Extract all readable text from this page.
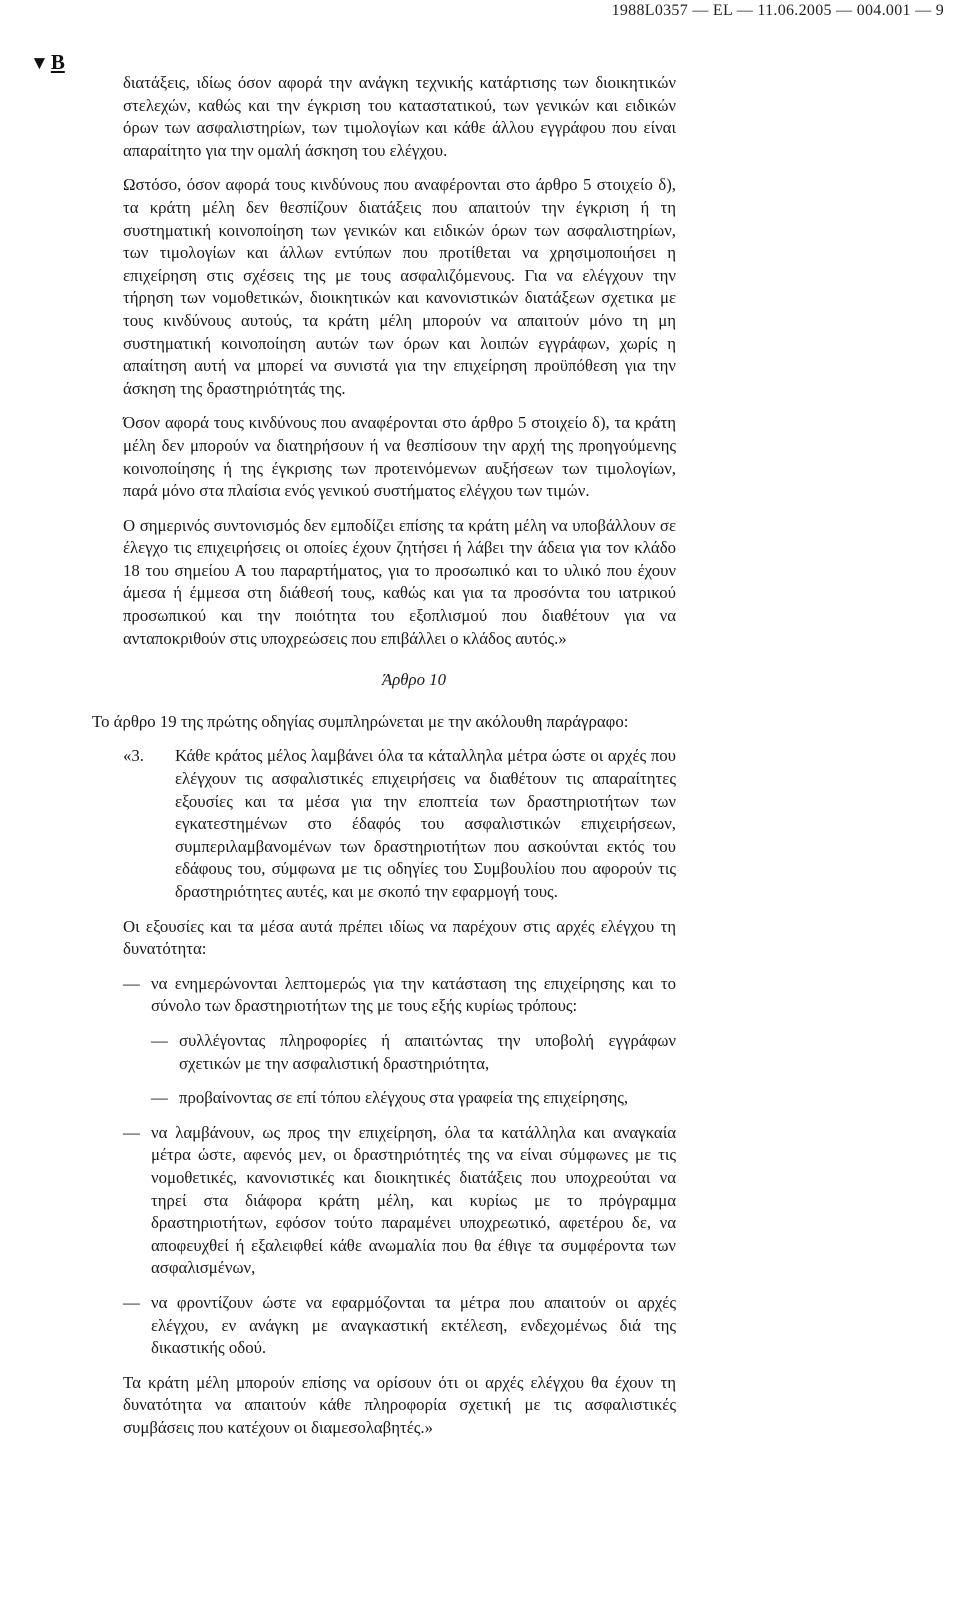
1988L0357 — EL — 11.06.2005 — 004.001 — 9
▼B

διατάξεις, ιδίως όσον αφορά την ανάγκη τεχνικής κατάρτισης των διοικητικών στελεχών, καθώς και την έγκριση του καταστατικού, των γενικών και ειδικών όρων των ασφαλιστηρίων, των τιμολογίων και κάθε άλλου εγγράφου που είναι απαραίτητο για την ομαλή άσκηση του ελέγχου.

Ωστόσο, όσον αφορά τους κινδύνους που αναφέρονται στο άρθρο 5 στοιχείο δ), τα κράτη μέλη δεν θεσπίζουν διατάξεις που απαιτούν την έγκριση ή τη συστηματική κοινοποίηση των γενικών και ειδικών όρων των ασφαλιστηρίων, των τιμολογίων και άλλων εντύπων που προτίθεται να χρησιμοποιήσει η επιχείρηση στις σχέσεις της με τους ασφαλιζόμενους. Για να ελέγχουν την τήρηση των νομοθετικών, διοικητικών και κανονιστικών διατάξεων σχετικα με τους κινδύνους αυτούς, τα κράτη μέλη μπορούν να απαιτούν μόνο τη μη συστηματική κοινοποίηση αυτών των όρων και λοιπών εγγράφων, χωρίς η απαίτηση αυτή να μπορεί να συνιστά για την επιχείρηση προϋπόθεση για την άσκηση της δραστηριότητάς της.

Όσον αφορά τους κινδύνους που αναφέρονται στο άρθρο 5 στοιχείο δ), τα κράτη μέλη δεν μπορούν να διατηρήσουν ή να θεσπίσουν την αρχή της προηγούμενης κοινοποίησης ή της έγκρισης των προτεινόμενων αυξήσεων των τιμολογίων, παρά μόνο στα πλαίσια ενός γενικού συστήματος ελέγχου των τιμών.

Ο σημερινός συντονισμός δεν εμποδίζει επίσης τα κράτη μέλη να υποβάλλουν σε έλεγχο τις επιχειρήσεις οι οποίες έχουν ζητήσει ή λάβει την άδεια για τον κλάδο 18 του σημείου Α του παραρτήματος, για το προσωπικό και το υλικό που έχουν άμεσα ή έμμεσα στη διάθεσή τους, καθώς και για τα προσόντα του ιατρικού προσωπικού και την ποιότητα του εξοπλισμού που διαθέτουν για να ανταποκριθούν στις υποχρεώσεις που επιβάλλει ο κλάδος αυτός.»

Άρθρο 10

Το άρθρο 19 της πρώτης οδηγίας συμπληρώνεται με την ακόλουθη παράγραφο:

«3.	Κάθε κράτος μέλος λαμβάνει όλα τα κάταλληλα μέτρα ώστε οι αρχές που ελέγχουν τις ασφαλιστικές επιχειρήσεις να διαθέτουν τις απαραίτητες εξουσίες και τα μέσα για την εποπτεία των δραστηριοτήτων των εγκατεστημένων στο έδαφός του ασφαλιστικών επιχειρήσεων, συμπεριλαμβανομένων των δραστηριοτήτων που ασκούνται εκτός του εδάφους του, σύμφωνα με τις οδηγίες του Συμβουλίου που αφορούν τις δραστηριότητες αυτές, και με σκοπό την εφαρμογή τους.

Οι εξουσίες και τα μέσα αυτά πρέπει ιδίως να παρέχουν στις αρχές ελέγχου τη δυνατότητα:

— να ενημερώνονται λεπτομερώς για την κατάσταση της επιχείρησης και το σύνολο των δραστηριοτήτων της με τους εξής κυρίως τρόπους:
— συλλέγοντας πληροφορίες ή απαιτώντας την υποβολή εγγράφων σχετικών με την ασφαλιστική δραστηριότητα,
— προβαίνοντας σε επί τόπου ελέγχους στα γραφεία της επιχείρησης,
— να λαμβάνουν, ως προς την επιχείρηση, όλα τα κατάλληλα και αναγκαία μέτρα ώστε, αφενός μεν, οι δραστηριότητές της να είναι σύμφωνες με τις νομοθετικές, κανονιστικές και διοικητικές διατάξεις που υποχρεούται να τηρεί στα διάφορα κράτη μέλη, και κυρίως με το πρόγραμμα δραστηριοτήτων, εφόσον τούτο παραμένει υποχρεωτικό, αφετέρου δε, να αποφευχθεί ή εξαλειφθεί κάθε ανωμαλία που θα έθιγε τα συμφέροντα των ασφαλισμένων,
— να φροντίζουν ώστε να εφαρμόζονται τα μέτρα που απαιτούν οι αρχές ελέγχου, εν ανάγκη με αναγκαστική εκτέλεση, ενδεχομένως διά της δικαστικής οδού.

Τα κράτη μέλη μπορούν επίσης να ορίσουν ότι οι αρχές ελέγχου θα έχουν τη δυνατότητα να απαιτούν κάθε πληροφορία σχετική με τις ασφαλιστικές συμβάσεις που κατέχουν οι διαμεσολαβητές.»
